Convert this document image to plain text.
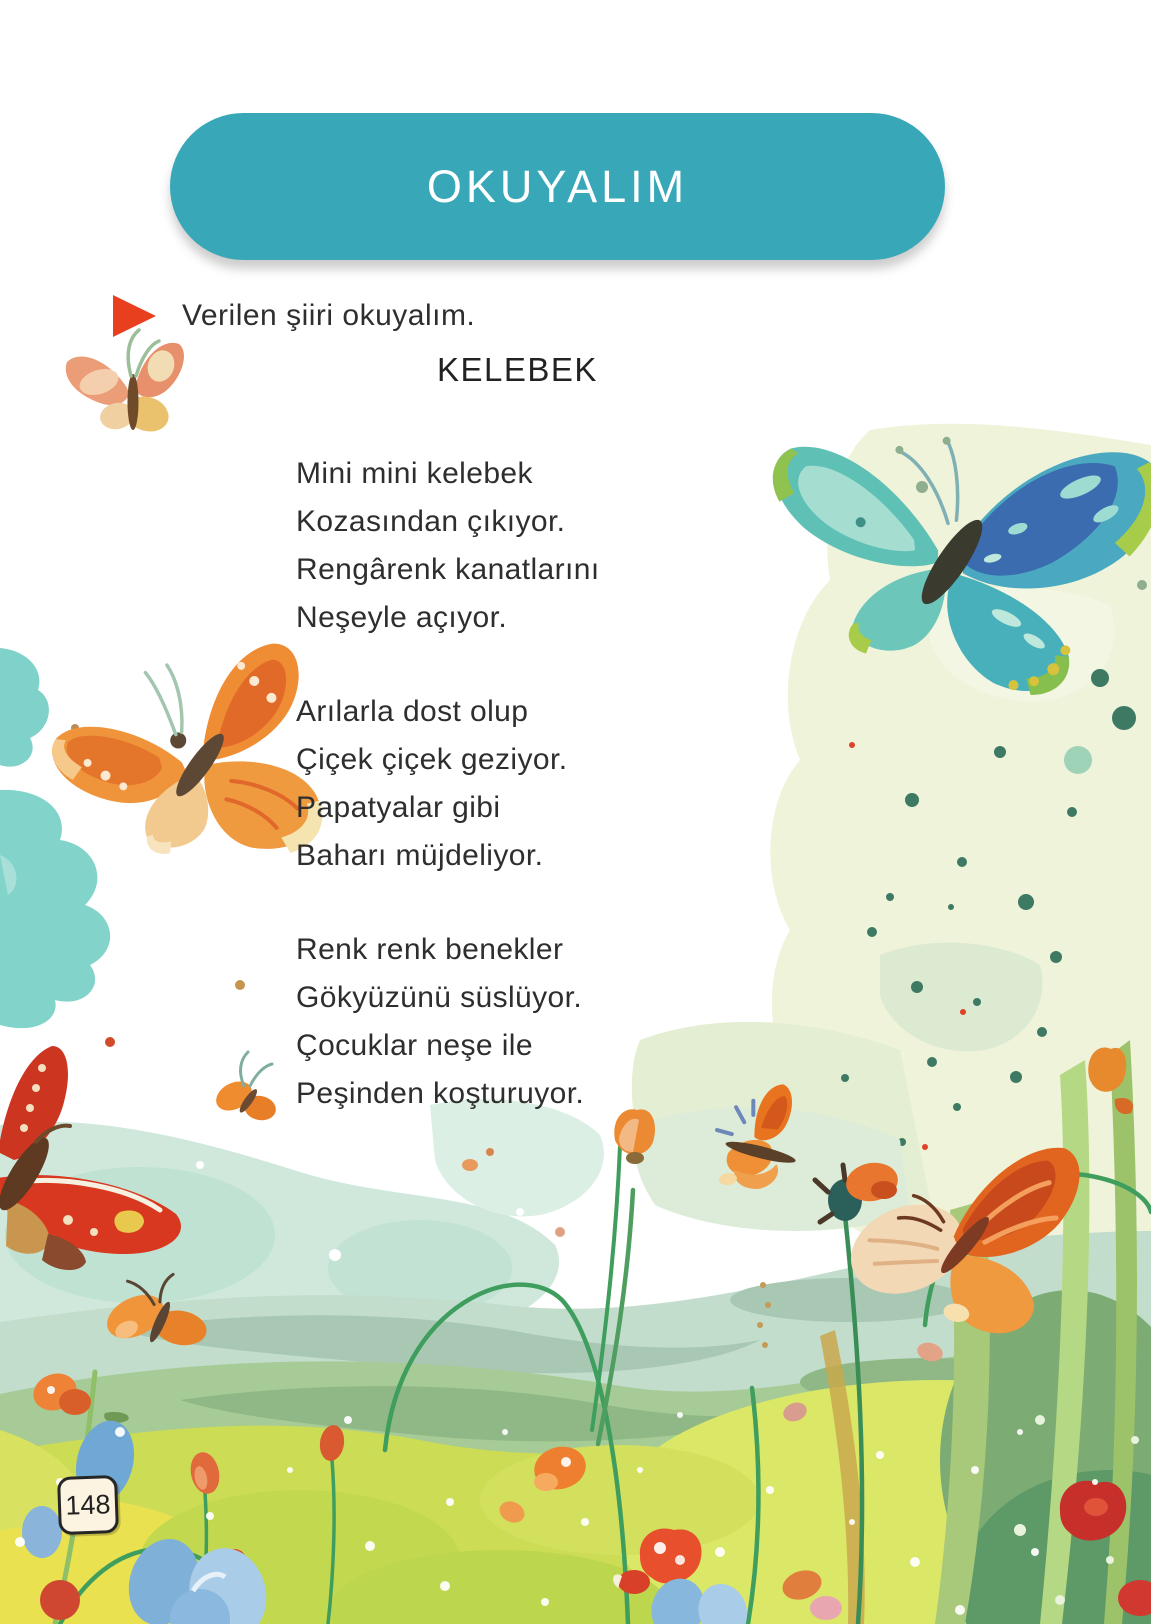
OKUYALIM
Verilen şiiri okuyalım.
KELEBEK
Mini mini kelebek
Kozasından çıkıyor.
Rengârenk kanatlarını
Neşeyle açıyor.
Arılarla dost olup
Çiçek çiçek geziyor.
Papatyalar gibi
Baharı müjdeliyor.
Renk renk benekler
Gökyüzünü süslüyor.
Çocuklar neşe ile
Peşinden koşturuyor.
148
